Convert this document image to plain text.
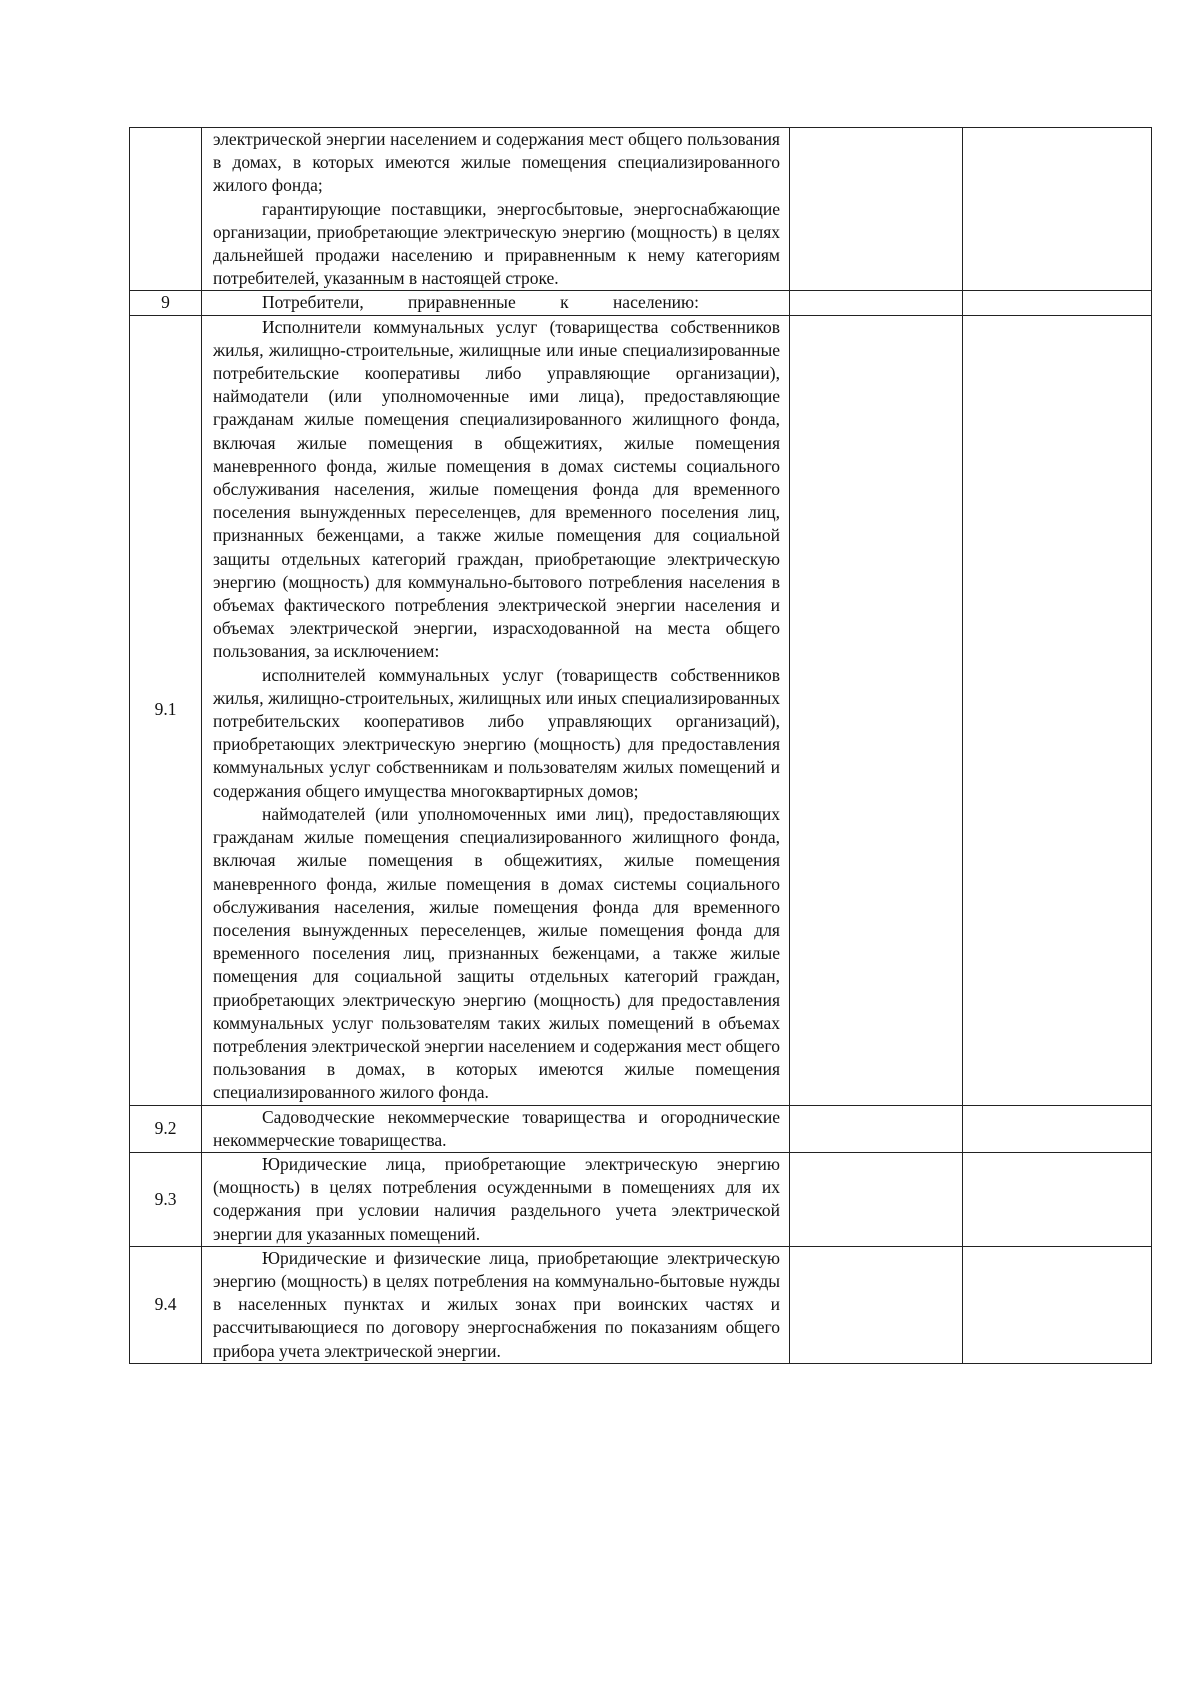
	электрической энергии населением и содержания мест общего пользования в домах, в которых имеются жилые помещения специализированного жилого фонда;

гарантирующие поставщики, энергосбытовые, энергоснабжающие организации, приобретающие электрическую энергию (мощность) в целях дальнейшей продажи населению и приравненным к нему категориям потребителей, указанным в настоящей строке.		

9	Потребители, приравненные к населению:

9.1	Исполнители коммунальных услуг (товарищества собственников жилья, жилищно-строительные, жилищные или иные специализированные потребительские кооперативы либо управляющие организации), наймодатели (или уполномоченные ими лица), предоставляющие гражданам жилые помещения специализированного жилищного фонда, включая жилые помещения в общежитиях, жилые помещения маневренного фонда, жилые помещения в домах системы социального обслуживания населения, жилые помещения фонда для временного поселения вынужденных переселенцев, для временного поселения лиц, признанных беженцами, а также жилые помещения для социальной защиты отдельных категорий граждан, приобретающие электрическую энергию (мощность) для коммунально-бытового потребления населения в объемах фактического потребления электрической энергии населения и объемах электрической энергии, израсходованной на места общего пользования, за исключением:

исполнителей коммунальных услуг (товариществ собственников жилья, жилищно-строительных, жилищных или иных специализированных потребительских кооперативов либо управляющих организаций), приобретающих электрическую энергию (мощность) для предоставления коммунальных услуг собственникам и пользователям жилых помещений и содержания общего имущества многоквартирных домов;

наймодателей (или уполномоченных ими лиц), предоставляющих гражданам жилые помещения специализированного жилищного фонда, включая жилые помещения в общежитиях, жилые помещения маневренного фонда, жилые помещения в домах системы социального обслуживания населения, жилые помещения фонда для временного поселения вынужденных переселенцев, жилые помещения фонда для временного поселения лиц, признанных беженцами, а также жилые помещения для социальной защиты отдельных категорий граждан, приобретающих электрическую энергию (мощность) для предоставления коммунальных услуг пользователям таких жилых помещений в объемах потребления электрической энергии населением и содержания мест общего пользования в домах, в которых имеются жилые помещения специализированного жилого фонда.		

9.2	Садоводческие некоммерческие товарищества и огороднические некоммерческие товарищества.		

9.3	Юридические лица, приобретающие электрическую энергию (мощность) в целях потребления осужденными в помещениях для их содержания при условии наличия раздельного учета электрической энергии для указанных помещений.		

9.4	Юридические и физические лица, приобретающие электрическую энергию (мощность) в целях потребления на коммунально-бытовые нужды в населенных пунктах и жилых зонах при воинских частях и рассчитывающиеся по договору энергоснабжения по показаниям общего прибора учета электрической энергии.		
